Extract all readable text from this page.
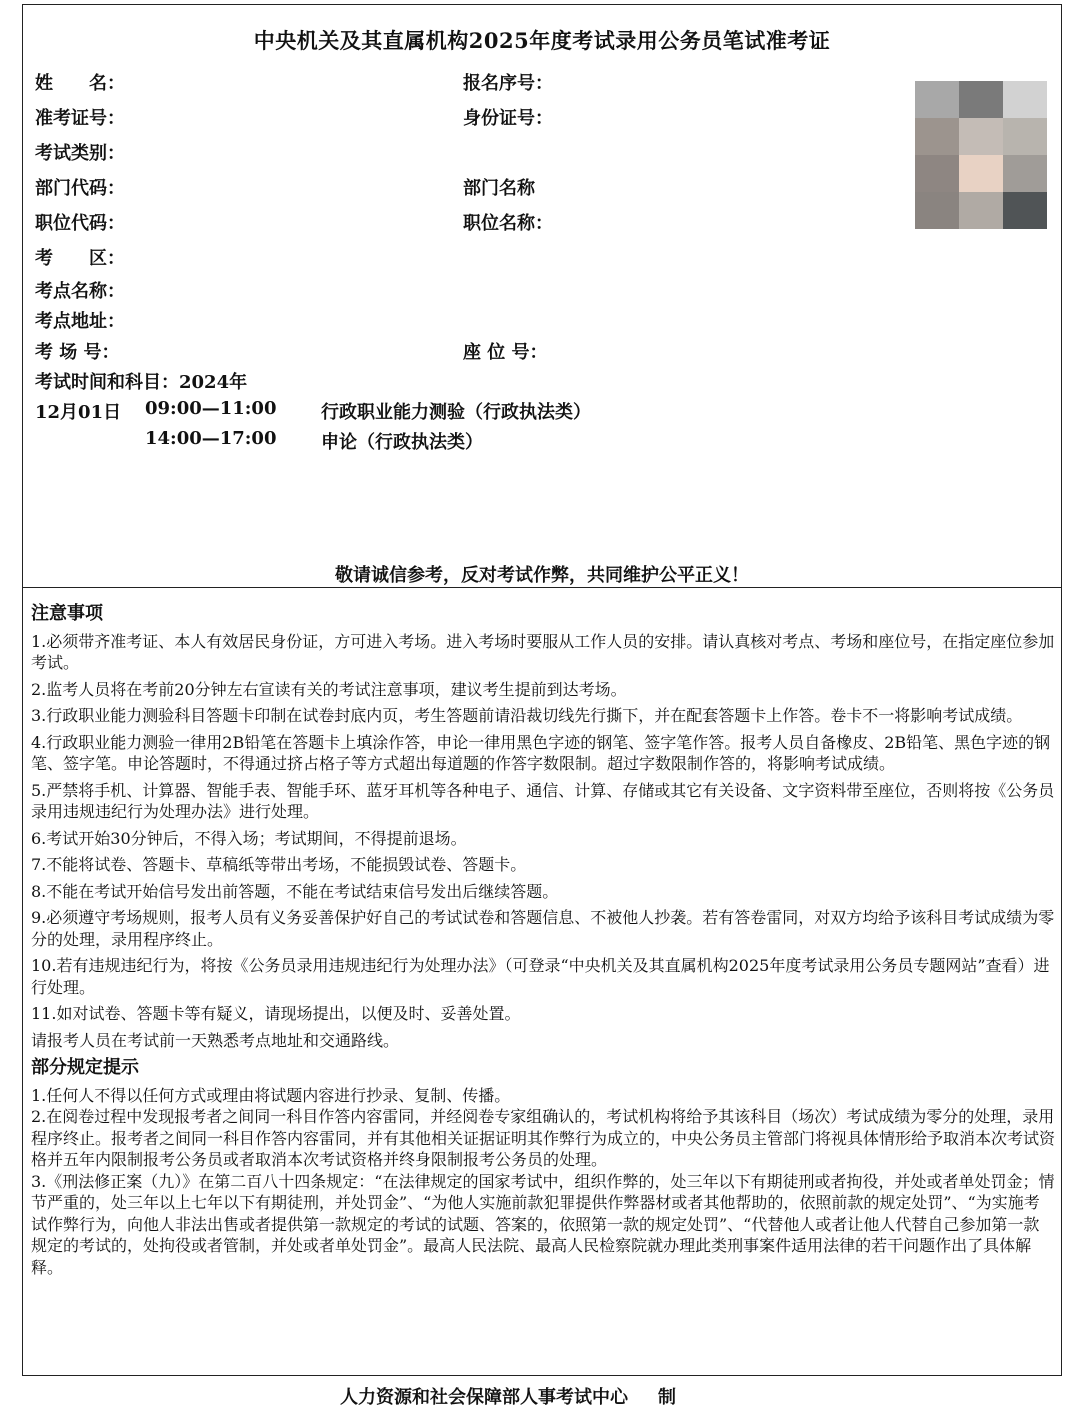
中央机关及其直属机构2025年度考试录用公务员笔试准考证
姓　　名：	报名序号：
准考证号：	身份证号：
考试类别：
部门代码：	部门名称
职位代码：	职位名称：
考　　区：
考点名称：
考点地址：
考 场 号：	座 位 号：
考试时间和科目：2024年
12月01日 09:00—11:00 行政职业能力测验（行政执法类）
14:00—17:00 申论（行政执法类）
敬请诚信参考，反对考试作弊，共同维护公平正义！
注意事项
1.必须带齐准考证、本人有效居民身份证，方可进入考场。进入考场时要服从工作人员的安排。请认真核对考点、考场和座位号，在指定座位参加考试。
2.监考人员将在考前20分钟左右宣读有关的考试注意事项，建议考生提前到达考场。
3.行政职业能力测验科目答题卡印制在试卷封底内页，考生答题前请沿裁切线先行撕下，并在配套答题卡上作答。卷卡不一将影响考试成绩。
4.行政职业能力测验一律用2B铅笔在答题卡上填涂作答，申论一律用黑色字迹的钢笔、签字笔作答。报考人员自备橡皮、2B铅笔、黑色字迹的钢笔、签字笔。申论答题时，不得通过挤占格子等方式超出每道题的作答字数限制。超过字数限制作答的，将影响考试成绩。
5.严禁将手机、计算器、智能手表、智能手环、蓝牙耳机等各种电子、通信、计算、存储或其它有关设备、文字资料带至座位，否则将按《公务员录用违规违纪行为处理办法》进行处理。
6.考试开始30分钟后，不得入场；考试期间，不得提前退场。
7.不能将试卷、答题卡、草稿纸等带出考场，不能损毁试卷、答题卡。
8.不能在考试开始信号发出前答题，不能在考试结束信号发出后继续答题。
9.必须遵守考场规则，报考人员有义务妥善保护好自己的考试试卷和答题信息、不被他人抄袭。若有答卷雷同，对双方均给予该科目考试成绩为零分的处理，录用程序终止。
10.若有违规违纪行为，将按《公务员录用违规违纪行为处理办法》（可登录“中央机关及其直属机构2025年度考试录用公务员专题网站”查看）进行处理。
11.如对试卷、答题卡等有疑义，请现场提出，以便及时、妥善处置。
请报考人员在考试前一天熟悉考点地址和交通路线。
部分规定提示
1.任何人不得以任何方式或理由将试题内容进行抄录、复制、传播。
2.在阅卷过程中发现报考者之间同一科目作答内容雷同，并经阅卷专家组确认的，考试机构将给予其该科目（场次）考试成绩为零分的处理，录用程序终止。报考者之间同一科目作答内容雷同，并有其他相关证据证明其作弊行为成立的，中央公务员主管部门将视具体情形给予取消本次考试资格并五年内限制报考公务员或者取消本次考试资格并终身限制报考公务员的处理。
3.《刑法修正案（九）》在第二百八十四条规定：“在法律规定的国家考试中，组织作弊的，处三年以下有期徒刑或者拘役，并处或者单处罚金；情节严重的，处三年以上七年以下有期徒刑，并处罚金”、“为他人实施前款犯罪提供作弊器材或者其他帮助的，依照前款的规定处罚”、“为实施考试作弊行为，向他人非法出售或者提供第一款规定的考试的试题、答案的，依照第一款的规定处罚”、“代替他人或者让他人代替自己参加第一款规定的考试的，处拘役或者管制，并处或者单处罚金”。最高人民法院、最高人民检察院就办理此类刑事案件适用法律的若干问题作出了具体解释。
人力资源和社会保障部人事考试中心 制
